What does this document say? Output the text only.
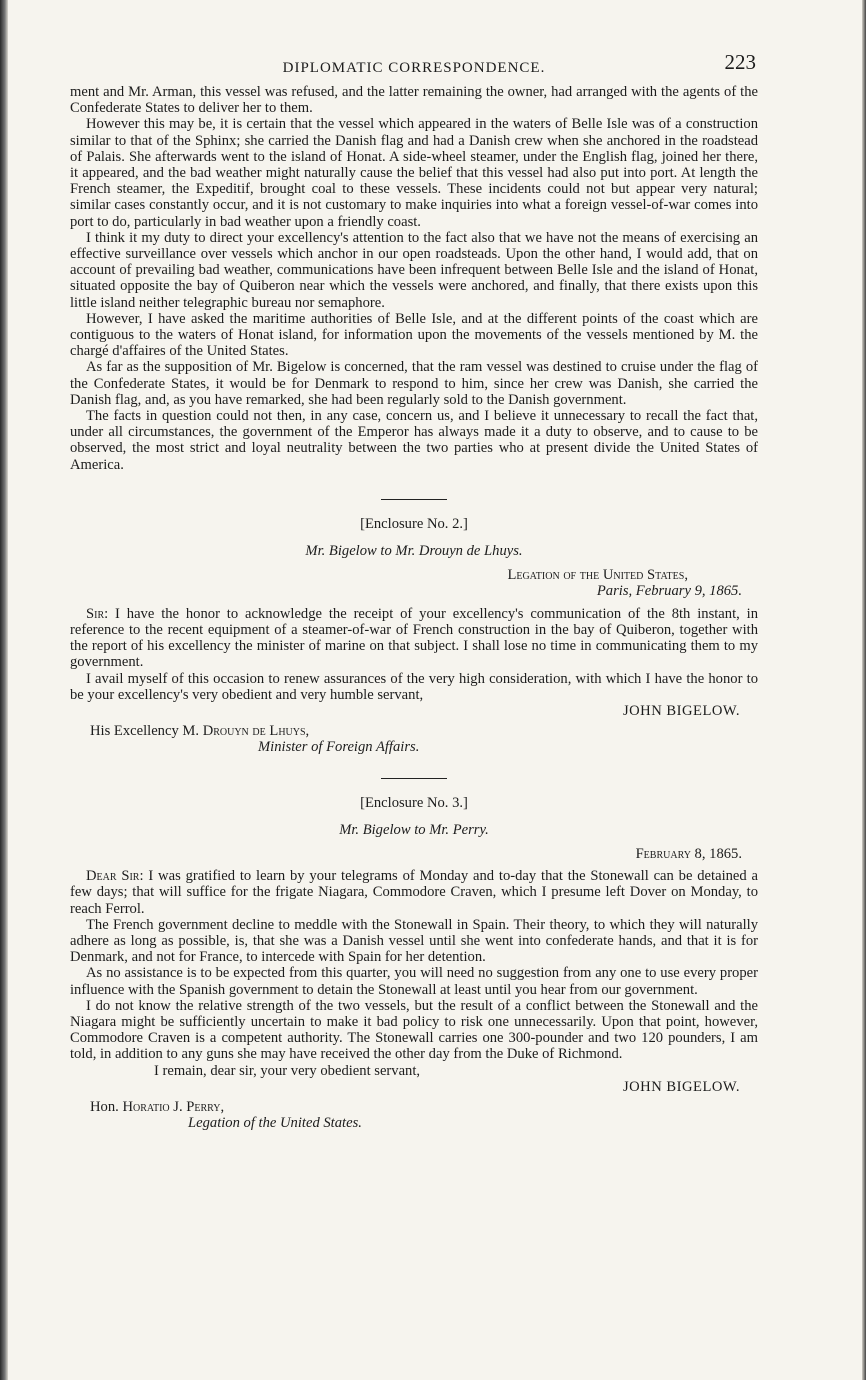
DIPLOMATIC CORRESPONDENCE.	223

ment and Mr. Arman, this vessel was refused, and the latter remaining the owner, had arranged with the agents of the Confederate States to deliver her to them.

However this may be, it is certain that the vessel which appeared in the waters of Belle Isle was of a construction similar to that of the Sphinx; she carried the Danish flag and had a Danish crew when she anchored in the roadstead of Palais. She afterwards went to the island of Honat. A side-wheel steamer, under the English flag, joined her there, it appeared, and the bad weather might naturally cause the belief that this vessel had also put into port. At length the French steamer, the Expeditif, brought coal to these vessels. These incidents could not but appear very natural; similar cases constantly occur, and it is not customary to make inquiries into what a foreign vessel-of-war comes into port to do, particularly in bad weather upon a friendly coast.

I think it my duty to direct your excellency's attention to the fact also that we have not the means of exercising an effective surveillance over vessels which anchor in our open roadsteads. Upon the other hand, I would add, that on account of prevailing bad weather, communications have been infrequent between Belle Isle and the island of Honat, situated opposite the bay of Quiberon near which the vessels were anchored, and finally, that there exists upon this little island neither telegraphic bureau nor semaphore.

However, I have asked the maritime authorities of Belle Isle, and at the different points of the coast which are contiguous to the waters of Honat island, for information upon the movements of the vessels mentioned by M. the chargé d'affaires of the United States.

As far as the supposition of Mr. Bigelow is concerned, that the ram vessel was destined to cruise under the flag of the Confederate States, it would be for Denmark to respond to him, since her crew was Danish, she carried the Danish flag, and, as you have remarked, she had been regularly sold to the Danish government.

The facts in question could not then, in any case, concern us, and I believe it unnecessary to recall the fact that, under all circumstances, the government of the Emperor has always made it a duty to observe, and to cause to be observed, the most strict and loyal neutrality between the two parties who at present divide the United States of America.

[Enclosure No. 2.]
Mr. Bigelow to Mr. Drouyn de Lhuys.
Legation of the United States,
Paris, February 9, 1865.

Sir: I have the honor to acknowledge the receipt of your excellency's communication of the 8th instant, in reference to the recent equipment of a steamer-of-war of French construction in the bay of Quiberon, together with the report of his excellency the minister of marine on that subject. I shall lose no time in communicating them to my government.

I avail myself of this occasion to renew assurances of the very high consideration, with which I have the honor to be your excellency's very obedient and very humble servant,

JOHN BIGELOW.
His Excellency M. Drouyn de Lhuys,
Minister of Foreign Affairs.
[Enclosure No. 3.]
Mr. Bigelow to Mr. Perry.
February 8, 1865.

Dear Sir: I was gratified to learn by your telegrams of Monday and to-day that the Stonewall can be detained a few days; that will suffice for the frigate Niagara, Commodore Craven, which I presume left Dover on Monday, to reach Ferrol.

The French government decline to meddle with the Stonewall in Spain. Their theory, to which they will naturally adhere as long as possible, is, that she was a Danish vessel until she went into confederate hands, and that it is for Denmark, and not for France, to intercede with Spain for her detention.

As no assistance is to be expected from this quarter, you will need no suggestion from any one to use every proper influence with the Spanish government to detain the Stonewall at least until you hear from our government.

I do not know the relative strength of the two vessels, but the result of a conflict between the Stonewall and the Niagara might be sufficiently uncertain to make it bad policy to risk one unnecessarily. Upon that point, however, Commodore Craven is a competent authority. The Stonewall carries one 300-pounder and two 120 pounders, I am told, in addition to any guns she may have received the other day from the Duke of Richmond.

I remain, dear sir, your very obedient servant,
JOHN BIGELOW.
Hon. Horatio J. Perry,
Legation of the United States.
